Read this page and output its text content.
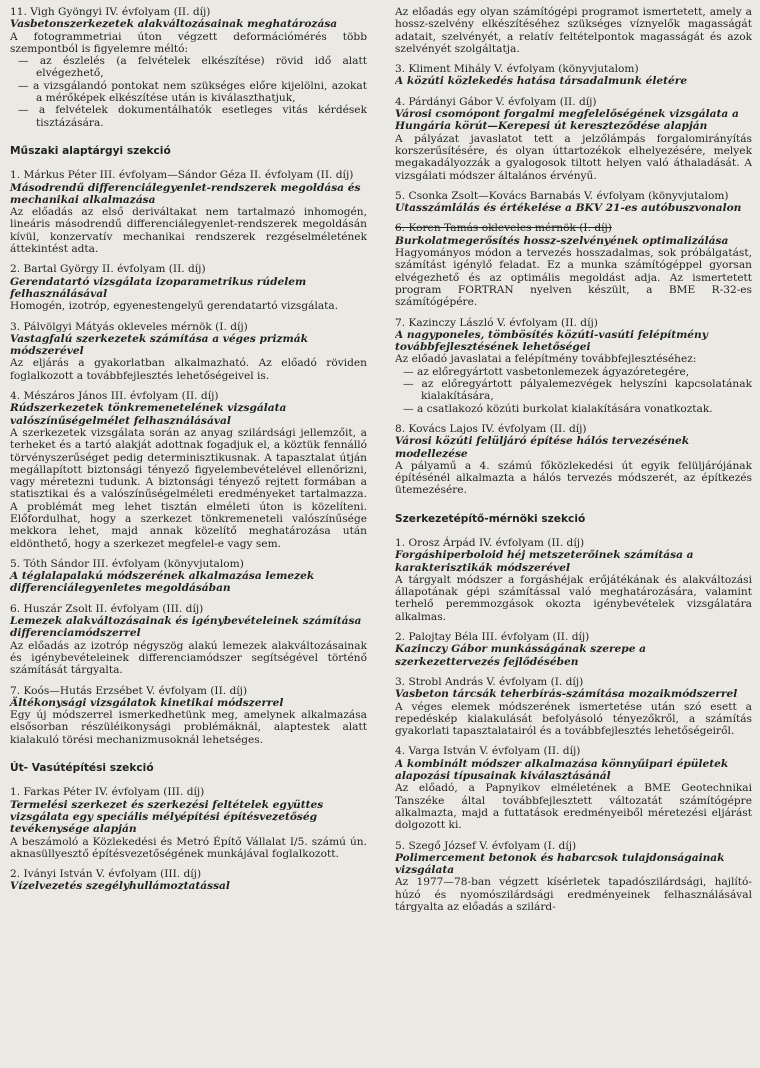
11. Vigh Gyöngyi IV. évfolyam (II. díj)
Vasbetonszerkezetek alakváltozásainak meghatározása
A fotogrammetriai úton végzett deformációmérés több szempontból is figyelemre méltó:
— az észlelés (a felvételek elkészítése) rövid idő alatt elvégezhető,
— a vizsgálandó pontokat nem szükséges előre kijelölni, azokat a mérőképek elkészítése után is kiválaszthatjuk,
— a felvételek dokumentálhatók esetleges vitás kérdések tisztázására.
Műszaki alaptárgyi szekció
1. Márkus Péter III. évfolyam—Sándor Géza II. évfolyam (II. díj)
Másodrendű differenciálegyenlet-rendszerek megoldása és mechanikai alkalmazása
Az előadás az első deriváltakat nem tartalmazó inhomogén, lineáris másodrendű differenciálegyenlet-rendszerek megoldásán kívül, konzervatív mechanikai rendszerek rezgéselméletének áttekintést adta.
2. Bartal György II. évfolyam (II. díj)
Gerendatartó vizsgálata izoparametrikus rúdelem felhasználásával
Homogén, izotróp, egyenestengelyű gerendatartó vizsgálata.
3. Pálvölgyi Mátyás okleveles mérnök (I. díj)
Vastagfalú szerkezetek számítása a véges prizmák módszerével
Az eljárás a gyakorlatban alkalmazható. Az előadó röviden foglalkozott a továbbfejlesztés lehetőségeivel is.
4. Mészáros János III. évfolyam (II. díj)
Rúdszerkezetek tönkremenetelének vizsgálata valószínűségelmélet felhasználásával
A szerkezetek vizsgálata során az anyag szilárdsági jellemzőit, a terheket és a tartó alakját adottnak fogadjuk el, a köztük fennálló törvényszerűséget pedig determinisztikusnak. A tapasztalat útján megállapított biztonsági tényező figyelembevételével ellenőrizni, vagy méretezni tudunk. A biztonsági tényező rejtett formában a statisztikai és a valószínűségelméleti eredményeket tartalmazza. A problémát meg lehet tisztán elméleti úton is közelíteni. Előfordulhat, hogy a szerkezet tönkremeneteli valószínűsége mekkora lehet, majd annak közelítő meghatározása után eldönthető, hogy a szerkezet megfelel-e vagy sem.
5. Tóth Sándor III. évfolyam (könyvjutalom)
A téglalapalakú módszerének alkalmazása lemezek differenciálegyenletes megoldásában
6. Huszár Zsolt II. évfolyam (III. díj)
Lemezek alakváltozásainak és igénybevételeinek számítása differenciamódszerrel
Az előadás az izotróp négyszög alakú lemezek alakváltozásainak és igénybevételeinek differenciamódszer segítségével történő számítását tárgyalta.
7. Koós—Hutás Erzsébet V. évfolyam (II. díj)
Ältékonysági vizsgálatok kinetikai módszerrel
Egy új módszerrel ismerkedhetünk meg, amelynek alkalmazása elsősorban részüléikonysági problémáknál, alaptestek alatt kialakuló törési mechanizmusoknál lehetséges.
Út- Vasútépítési szekció
1. Farkas Péter IV. évfolyam (III. díj)
Termelési szerkezet és szerkezési feltételek együttes vizsgálata egy speciális mélyépítési építésvezetőség tevékenysége alapján
A beszámoló a Közlekedési és Metró Építő Vállalat I/5. számú ún. aknasüllyesztő építésvezetőségének munkájával foglalkozott.
2. Iványi István V. évfolyam (III. díj)
Vízelvezetés szegélyhullámoztatással
Az előadás egy olyan számítógépi programot ismertetett, amely a hossz-szelvény elkészítéséhez szükséges víznyelők magasságát adatait, szelvényét, a relatív feltételpontok magasságát és azok szelvényét szolgáltatja.
3. Kliment Mihály V. évfolyam (könyvjutalom)
A közúti közlekedés hatása társadalmunk életére
4. Párdányi Gábor V. évfolyam (II. díj)
Városi csomópont forgalmi megfelelőségének vizsgálata a Hungária körút—Kerepesi út kereszteződése alapján
A pályázat javaslatot tett a jelzőlámpás forgalomirányítás korszerűsítésére, és olyan úttartozékok elhelyezésére, melyek megakadályozzák a gyalogosok tiltott helyen való áthaladását. A vizsgálati módszer általános érvényű.
5. Csonka Zsolt—Kovács Barnabás V. évfolyam (könyvjutalom)
Utasszámlálás és értékelése a BKV 21-es autóbuszvonalon
6. Koren Tamás okleveles mérnök (I. díj)
Burkolatmegerősítés hossz-szelvényének optimalizálása
Hagyományos módon a tervezés hosszadalmas, sok próbálgatást, számítást igénylő feladat. Ez a munka számítógéppel gyorsan elvégezhető és az optimális megoldást adja. Az ismertetett program FORTRAN nyelven készült, a BME R-32-es számítógépére.
7. Kazinczy László V. évfolyam (II. díj)
A nagyponeles, tömbösítés közúti-vasúti felépítmény továbbfejlesztésének lehetőségei
Az előadó javaslatai a felépítmény továbbfejlesztéséhez:
— az előregyártott vasbetonlemezek ágyazóretegére,
— az előregyártott pályalemezvégek helyszíni kapcsolatának kialakítására,
— a csatlakozó közúti burkolat kialakítására vonatkoztak.
8. Kovács Lajos IV. évfolyam (II. díj)
Városi közúti felüljáró építése hálós tervezésének modellezése
A pályamű a 4. számú főközlekedési út egyik felüljárójának építésénél alkalmazta a hálós tervezés módszerét, az építkezés ütemezésére.
Szerkezetépítő-mérnöki szekció
1. Orosz Árpád IV. évfolyam (II. díj)
Forgáshiperboloid héj metszeterőinek számítása a karakterisztikák módszerével
A tárgyalt módszer a forgáshéjak erőjátékának és alakváltozási állapotának gépi számítással való meghatározására, valamint terhelő peremmozgások okozta igénybevételek vizsgálatára alkalmas.
2. Palojtay Béla III. évfolyam (II. díj)
Kazinczy Gábor munkásságának szerepe a szerkezettervezés fejlődésében
3. Strobl András V. évfolyam (I. díj)
Vasbeton tárcsák teherbírás-számítása mozaikmódszerrel
A véges elemek módszerének ismertetése után szó esett a repedéskép kialakulását befolyásoló tényezőkről, a számítás gyakorlati tapasztalatairól és a továbbfejlesztés lehetőségeiről.
4. Varga István V. évfolyam (II. díj)
A kombinált módszer alkalmazása könnyűipari épületek alapozási típusainak kiválasztásánál
Az előadó, a Papnyikov elméletének a BME Geotechnikai Tanszéke által továbbfejlesztett változatát számítógépre alkalmazta, majd a futtatások eredményeiből méretezési eljárást dolgozott ki.
5. Szegő József V. évfolyam (I. díj)
Polimercement betonok és habarcsok tulajdonságainak vizsgálata
Az 1977—78-ban végzett kísérletek tapadószilárdsági, hajlító-húzó és nyomószilárdsági eredményeinek felhasználásával tárgyalta az előadás a szilárd-
